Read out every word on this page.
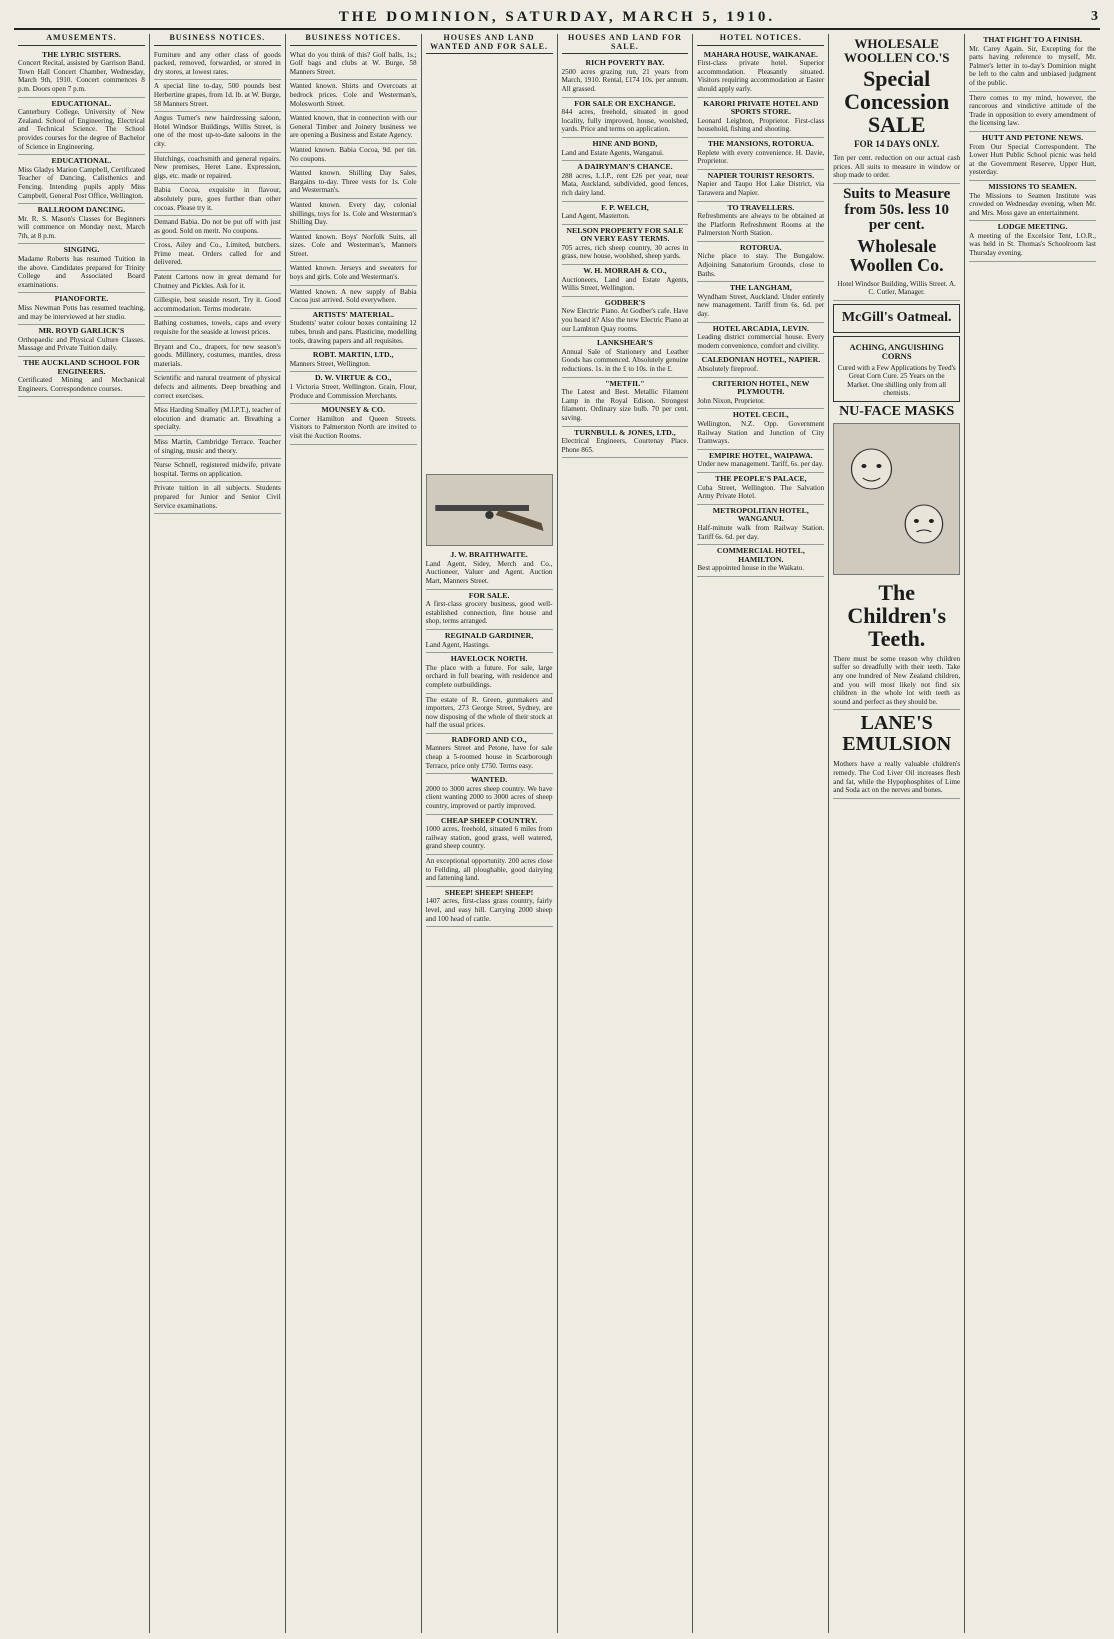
THE DOMINION, SATURDAY, MARCH 5, 1910.	3
AMUSEMENTS.
THE LYRIC SISTERS.

Concert Recital, assisted by Garrison Band. Town Hall Concert Chamber, Wednesday, March 9th, 1910. Concert commences 8 p.m. Doors open 7 p.m.

EDUCATIONAL.

Canterbury College, University of New Zealand. School of Engineering, Electrical and Technical Science. The School provides courses for the degree of Bachelor of Science in Engineering.

EDUCATIONAL.

Miss Gladys Marion Campbell, Certificated Teacher of Dancing, Calisthenics and Fencing. Intending pupils apply Miss Campbell, General Post Office, Wellington.

BALLROOM DANCING.

Mr. R. S. Mason's Classes for Beginners will commence on Monday next, March 7th, at 8 p.m.

SINGING.

Madame Roberts has resumed Tuition in the above. Candidates prepared for Trinity College and Associated Board examinations.

PIANOFORTE.

Miss Newman Potts has resumed teaching, and may be interviewed at her studio.

MR. ROYD GARLICK'S

Orthopaedic and Physical Culture Classes. Massage and Private Tuition daily.

THE AUCKLAND SCHOOL FOR ENGINEERS.

Certificated Mining and Mechanical Engineers. Correspondence courses.

BUSINESS NOTICES.

Furniture and any other class of goods packed, removed, forwarded, or stored in dry stores, at lowest rates.

A special line to-day, 500 pounds best Herbertine grapes, from 1d. lb. at W. Burge, 58 Manners Street.

Angus Turner's new hairdressing saloon, Hotel Windsor Buildings, Willis Street, is one of the most up-to-date saloons in the city.

Hutchings, coachsmith and general repairs. New premises, Heret Lane. Expression, gigs, etc. made or repaired.

Babia Cocoa, exquisite in flavour, absolutely pure, goes further than other cocoas. Please try it.

Demand Babia. Do not be put off with just as good. Sold on merit. No coupons.

Cross, Ailey and Co., Limited, butchers. Prime meat. Orders called for and delivered.

Patent Cartons now in great demand for Chutney and Pickles. Ask for it.

Gillespie, best seaside resort. Try it. Good accommodation. Terms moderate.

Bathing costumes, towels, caps and every requisite for the seaside at lowest prices.

Bryant and Co., drapers, for new season's goods. Millinery, costumes, mantles, dress materials.

Scientific and natural treatment of physical defects and ailments. Deep breathing and correct exercises.

Miss Harding Smalley (M.I.P.T.), teacher of elocution and dramatic art. Breathing a specialty.

Miss Martin, Cambridge Terrace. Teacher of singing, music and theory.

Nurse Schnell, registered midwife, private hospital. Terms on application.

Private tuition in all subjects. Students prepared for Junior and Senior Civil Service examinations.

BUSINESS NOTICES.

What do you think of this? Golf balls, 1s.; Golf bags and clubs at W. Burge, 58 Manners Street.

Wanted known. Shirts and Overcoats at bedrock prices. Cole and Westerman's, Molesworth Street.

Wanted known, that in connection with our General Timber and Joinery business we are opening a Business and Estate Agency.

Wanted known. Babia Cocoa, 9d. per tin. No coupons.

Wanted known. Shilling Day Sales, Bargains to-day. Three vests for 1s. Cole and Westerman's.

Wanted known. Every day, colonial shillings, toys for 1s. Cole and Westerman's Shilling Day.

Wanted known. Boys' Norfolk Suits, all sizes. Cole and Westerman's, Manners Street.

Wanted known. Jerseys and sweaters for boys and girls. Cole and Westerman's.

Wanted known. A new supply of Babia Cocoa just arrived. Sold everywhere.

ARTISTS' MATERIAL.

Students' water colour boxes containing 12 tubes, brush and pans. Plasticine, modelling tools, drawing papers and all requisites.

ROBT. MARTIN, LTD.,

Manners Street, Wellington.

D. W. VIRTUE & CO.,

1 Victoria Street, Wellington. Grain, Flour, Produce and Commission Merchants.

MOUNSEY & CO.

Corner Hamilton and Queen Streets. Visitors to Palmerston North are invited to visit the Auction Rooms.

HOUSES AND LAND WANTED AND FOR SALE.
J. W. BRAITHWAITE.

Land Agent, Sidey, Merch and Co., Auctioneer, Valuer and Agent. Auction Mart, Manners Street.

FOR SALE.

A first-class grocery business, good well-established connection, fine house and shop, terms arranged.

REGINALD GARDINER,

Land Agent, Hastings.

HAVELOCK NORTH.

The place with a future. For sale, large orchard in full bearing, with residence and complete outbuildings.

The estate of R. Green, gunmakers and importers, 273 George Street, Sydney, are now disposing of the whole of their stock at half the usual prices.

RADFORD AND CO.,

Manners Street and Petone, have for sale cheap a 5-roomed house in Scarborough Terrace, price only £750. Terms easy.

WANTED.

2000 to 3000 acres sheep country. We have client wanting 2000 to 3000 acres of sheep country, improved or partly improved.

CHEAP SHEEP COUNTRY.

1000 acres, freehold, situated 6 miles from railway station, good grass, well watered, grand sheep country.

An exceptional opportunity. 200 acres close to Feilding, all ploughable, good dairying and fattening land.

SHEEP! SHEEP! SHEEP!

1407 acres, first-class grass country, fairly level, and easy hill. Carrying 2000 sheep and 100 head of cattle.

HOUSES AND LAND FOR SALE.
RICH POVERTY BAY.

2500 acres grazing run, 21 years from March, 1910. Rental, £174 10s. per annum. All grassed.

FOR SALE OR EXCHANGE.

844 acres, freehold, situated in good locality, fully improved, house, woolshed, yards. Price and terms on application.

HINE AND BOND,

Land and Estate Agents, Wanganui.

A DAIRYMAN'S CHANCE.

288 acres, L.I.P., rent £26 per year, near Mata, Auckland, subdivided, good fences, rich dairy land.

F. P. WELCH,

Land Agent, Masterton.

NELSON PROPERTY FOR SALE ON VERY EASY TERMS.

705 acres, rich sheep country, 30 acres in grass, new house, woolshed, sheep yards.

W. H. MORRAH & CO.,

Auctioneers, Land and Estate Agents, Willis Street, Wellington.

GODBER'S

New Electric Piano. At Godber's cafe. Have you heard it? Also the new Electric Piano at our Lambton Quay rooms.

LANKSHEAR'S

Annual Sale of Stationery and Leather Goods has commenced. Absolutely genuine reductions. 1s. in the £ to 10s. in the £.

"METFIL"

The Latest and Best. Metallic Filament Lamp in the Royal Edison. Strongest filament. Ordinary size bulb. 70 per cent. saving.

TURNBULL & JONES, LTD.,

Electrical Engineers, Courtenay Place. Phone 865.

HOTEL NOTICES.
MAHARA HOUSE, WAIKANAE.

First-class private hotel. Superior accommodation. Pleasantly situated. Visitors requiring accommodation at Easter should apply early.

KARORI PRIVATE HOTEL AND SPORTS STORE.

Leonard Leighton, Proprietor. First-class household, fishing and shooting.

THE MANSIONS, ROTORUA.

Replete with every convenience. H. Davie, Proprietor.

NAPIER TOURIST RESORTS.

Napier and Taupo Hot Lake District, via Tarawera and Napier.

TO TRAVELLERS.

Refreshments are always to be obtained at the Platform Refreshment Rooms at the Palmerston North Station.

ROTORUA.

Niche place to stay. The Bungalow. Adjoining Sanatorium Grounds, close to Baths.

THE LANGHAM,

Wyndham Street, Auckland. Under entirely new management. Tariff from 6s. 6d. per day.

HOTEL ARCADIA, LEVIN.

Leading district commercial house. Every modern convenience, comfort and civility.

CALEDONIAN HOTEL, NAPIER.

Absolutely fireproof.

CRITERION HOTEL, NEW PLYMOUTH.

John Nixon, Proprietor.

HOTEL CECIL,

Wellington, N.Z. Opp. Government Railway Station and Junction of City Tramways.

EMPIRE HOTEL, WAIPAWA.

Under new management. Tariff, 6s. per day.

THE PEOPLE'S PALACE,

Cuba Street, Wellington. The Salvation Army Private Hotel.

METROPOLITAN HOTEL, WANGANUI.

Half-minute walk from Railway Station. Tariff 6s. 6d. per day.

COMMERCIAL HOTEL, HAMILTON.

Best appointed house in the Waikato.

WHOLESALE WOOLLEN CO.'S
Special Concession SALE
FOR 14 DAYS ONLY.

Ten per cent. reduction on our actual cash prices. All suits to measure in window or shop made to order.

Suits to Measure from 50s. less 10 per cent.
Wholesale Woollen Co.

Hotel Windsor Building, Willis Street. A. C. Cutler, Manager.

McGill's Oatmeal.
ACHING, ANGUISHING CORNS

Cured with a Few Applications by Teed's Great Corn Cure. 25 Years on the Market. One shilling only from all chemists.

NU-FACE MASKS
The Children's Teeth.

There must be some reason why children suffer so dreadfully with their teeth. Take any one hundred of New Zealand children, and you will most likely not find six children in the whole lot with teeth as sound and perfect as they should be.

LANE'S EMULSION

Mothers have a really valuable children's remedy. The Cod Liver Oil increases flesh and fat, while the Hypophosphites of Lime and Soda act on the nerves and bones.

THAT FIGHT TO A FINISH.

Mr. Carey Again. Sir, Excepting for the parts having reference to myself, Mr. Palmer's letter in to-day's Dominion might be left to the calm and unbiased judgment of the public.

There comes to my mind, however, the rancorous and vindictive attitude of the Trade in opposition to every amendment of the licensing law.

HUTT AND PETONE NEWS.

From Our Special Correspondent. The Lower Hutt Public School picnic was held at the Government Reserve, Upper Hutt, yesterday.

MISSIONS TO SEAMEN.

The Missions to Seamen Institute was crowded on Wednesday evening, when Mr. and Mrs. Moss gave an entertainment.

LODGE MEETING.

A meeting of the Excelsior Tent, I.O.R., was held in St. Thomas's Schoolroom last Thursday evening.
